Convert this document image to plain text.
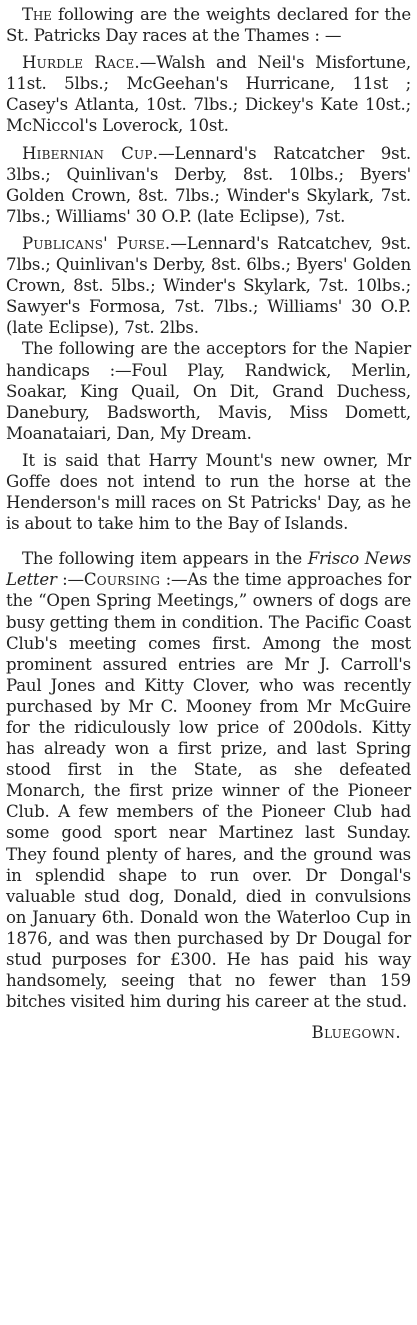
The following are the weights declared for the St. Patricks Day races at the Thames : —

Hurdle Race.—Walsh and Neil's Misfortune, 11st. 5lbs.; McGeehan's Hurricane, 11st ; Casey's Atlanta, 10st. 7lbs.; Dickey's Kate 10st.; McNiccol's Loverock, 10st.

Hibernian Cup.—Lennard's Ratcatcher 9st. 3lbs.; Quinlivan's Derby, 8st. 10lbs.; Byers' Golden Crown, 8st. 7lbs.; Winder's Skylark, 7st. 7lbs.; Williams' 30 O.P. (late Eclipse), 7st.

Publicans' Purse.—Lennard's Ratcatchev, 9st. 7lbs.; Quinlivan's Derby, 8st. 6lbs.; Byers' Golden Crown, 8st. 5lbs.; Winder's Skylark, 7st. 10lbs.; Sawyer's Formosa, 7st. 7lbs.; Williams' 30 O.P. (late Eclipse), 7st. 2lbs.

The following are the acceptors for the Napier handicaps :—Foul Play, Randwick, Merlin, Soakar, King Quail, On Dit, Grand Duchess, Danebury, Badsworth, Mavis, Miss Domett, Moanataiari, Dan, My Dream.

It is said that Harry Mount's new owner, Mr Goffe does not intend to run the horse at the Henderson's mill races on St Patricks' Day, as he is about to take him to the Bay of Islands.

The following item appears in the Frisco News Letter :—Coursing :—As the time approaches for the “Open Spring Meetings,” owners of dogs are busy getting them in condition. The Pacific Coast Club's meeting comes first. Among the most prominent assured entries are Mr J. Carroll's Paul Jones and Kitty Clover, who was recently purchased by Mr C. Mooney from Mr McGuire for the ridiculously low price of 200dols. Kitty has already won a first prize, and last Spring stood first in the State, as she defeated Monarch, the first prize winner of the Pioneer Club. A few members of the Pioneer Club had some good sport near Martinez last Sunday. They found plenty of hares, and the ground was in splendid shape to run over. Dr Dongal's valuable stud dog, Donald, died in convulsions on January 6th. Donald won the Waterloo Cup in 1876, and was then purchased by Dr Dougal for stud purposes for £300. He has paid his way handsomely, seeing that no fewer than 159 bitches visited him during his career at the stud.

Bluegown.
